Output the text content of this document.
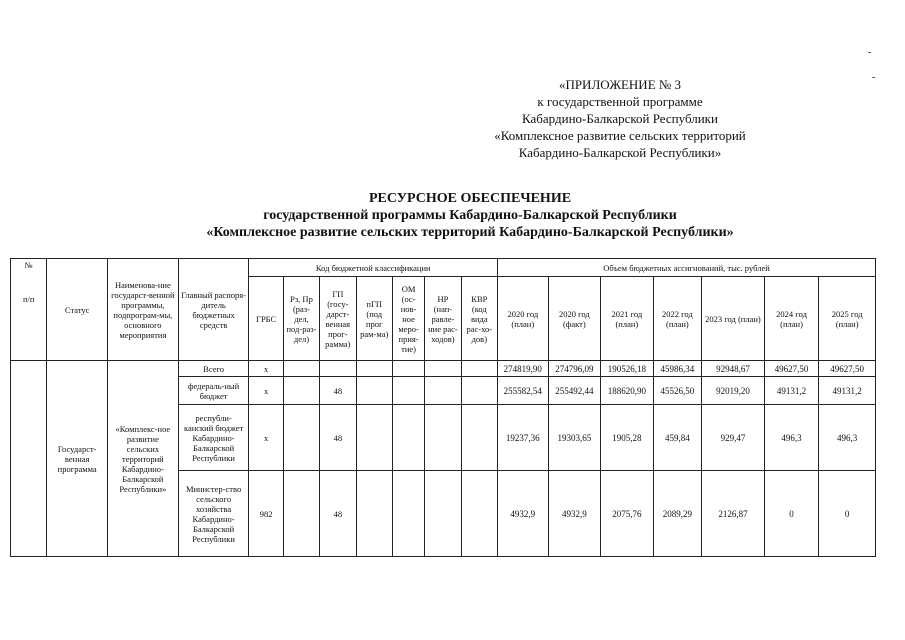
-
-
«ПРИЛОЖЕНИЕ № 3
к государственной программе
Кабардино-Балкарской Республики
«Комплексное развитие сельских территорий
Кабардино-Балкарской Республики»
РЕСУРСНОЕ ОБЕСПЕЧЕНИЕ
государственной программы Кабардино-Балкарской Республики
«Комплексное развитие сельских территорий Кабардино-Балкарской Республики»
№
п/п	Статус	Наименова-ние государст-венной программы, подпрограм-мы, основного мероприятия	Главный распоря-дитель бюджетных средств	Код бюджетной классификации							Объем бюджетных ассигнований, тыс. рублей						
				ГРБС	Рз, Пр (раз-дел, под-раз-дел)	ГП (госу-дарст-венная прог-рамма)	пГП (под прог рам-ма)	ОМ (ос-нов-ное меро-прия-тие)	НР (нап-равле-ние рас-ходов)	КВР (код вида рас-хо-дов)	2020 год (план)	2020 год (факт)	2021 год (план)	2022 год (план)	2023 год (план)	2024 год (план)	2025 год (план)
	Государст-венная программа	«Комплекс-ное развитие сельских территорий Кабардино-Балкарской Республики»	Всего	x							274819,90	274796,09	190526,18	45986,34	92948,67	49627,50	49627,50
			федераль-ный бюджет	x		48					255582,54	255492,44	188620,90	45526,50	92019,20	49131,2	49131,2
			республи-канский бюджет Кабардино-Балкарской Республики	x		48					19237,36	19303,65	1905,28	459,84	929,47	496,3	496,3
			Министер-ство сельского хозяйства Кабардино-Балкарской Республики	982		48					4932,9	4932,9	2075,76	2089,29	2126,87	0	0
